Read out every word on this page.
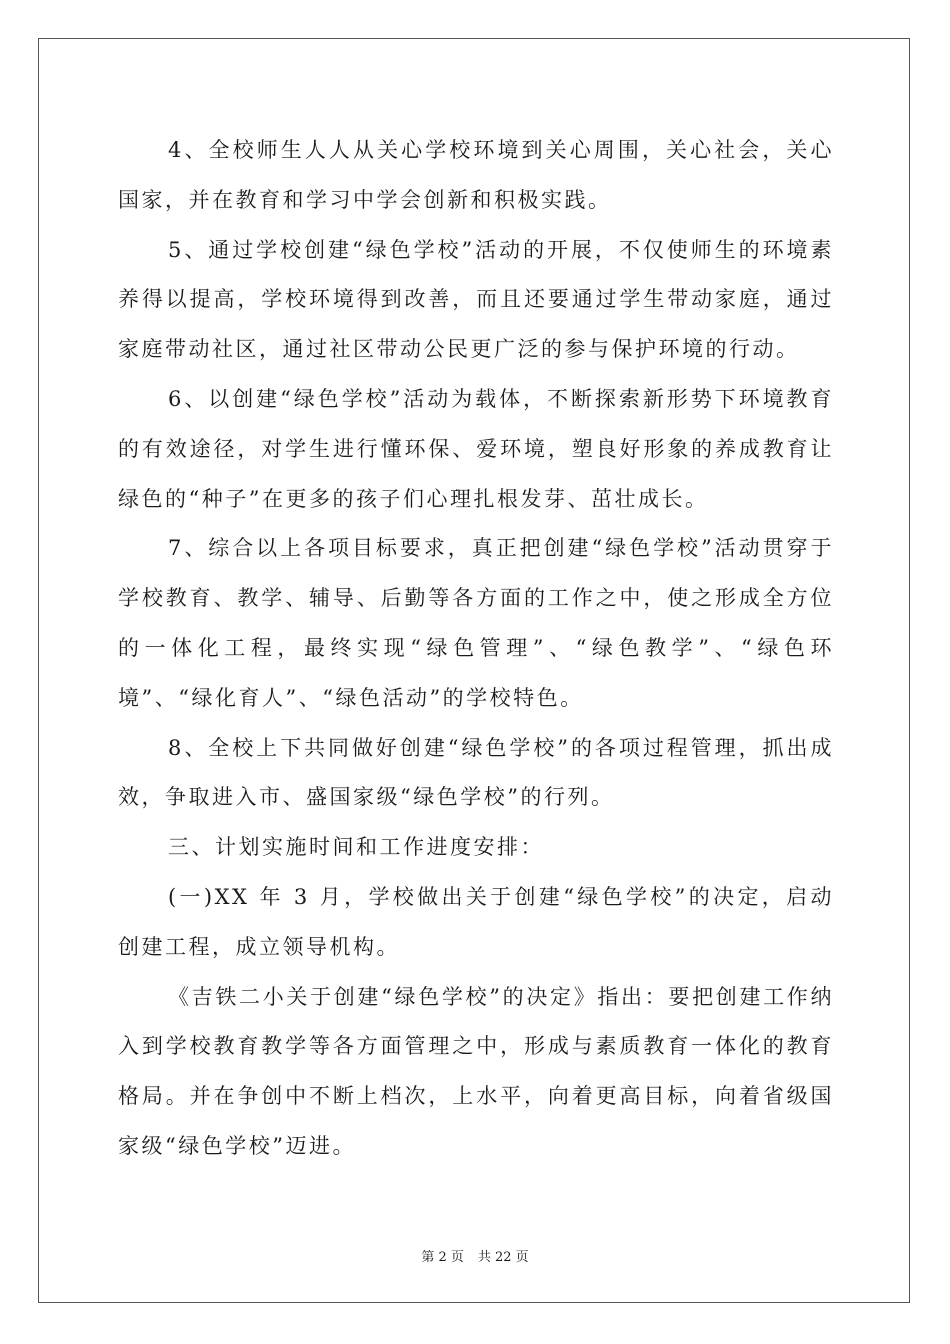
4、全校师生人人从关心学校环境到关心周围，关心社会，关心国家，并在教育和学习中学会创新和积极实践。

5、通过学校创建“绿色学校”活动的开展，不仅使师生的环境素养得以提高，学校环境得到改善，而且还要通过学生带动家庭，通过家庭带动社区，通过社区带动公民更广泛的参与保护环境的行动。

6、以创建“绿色学校”活动为载体，不断探索新形势下环境教育的有效途径，对学生进行懂环保、爱环境，塑良好形象的养成教育让绿色的“种子”在更多的孩子们心理扎根发芽、茁壮成长。

7、综合以上各项目标要求，真正把创建“绿色学校”活动贯穿于学校教育、教学、辅导、后勤等各方面的工作之中，使之形成全方位的一体化工程，最终实现“绿色管理”、“绿色教学”、“绿色环境”、“绿化育人”、“绿色活动”的学校特色。

8、全校上下共同做好创建“绿色学校”的各项过程管理，抓出成效，争取进入市、盛国家级“绿色学校”的行列。

三、计划实施时间和工作进度安排：

(一)XX 年 3 月，学校做出关于创建“绿色学校”的决定，启动创建工程，成立领导机构。

《吉铁二小关于创建“绿色学校”的决定》指出：要把创建工作纳入到学校教育教学等各方面管理之中，形成与素质教育一体化的教育格局。并在争创中不断上档次，上水平，向着更高目标，向着省级国家级“绿色学校”迈进。

第 2 页 共 22 页
